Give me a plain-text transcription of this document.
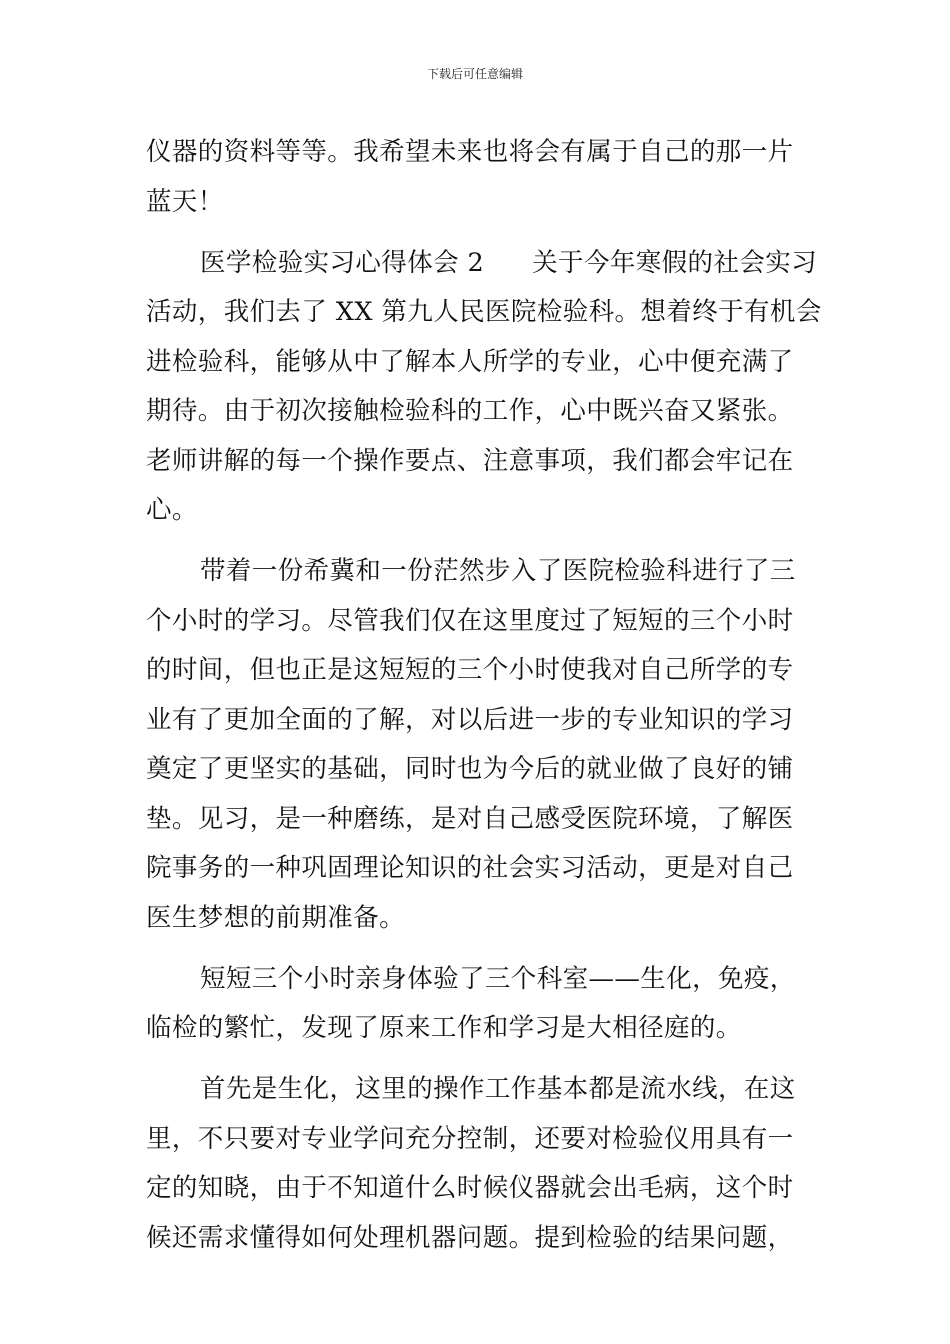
下载后可任意编辑
仪器的资料等等。我希望未来也将会有属于自己的那一片
蓝天！
医学检验实习心得体会 2 关于今年寒假的社会实习
活动，我们去了 XX 第九人民医院检验科。想着终于有机会
进检验科，能够从中了解本人所学的专业，心中便充满了
期待。由于初次接触检验科的工作，心中既兴奋又紧张。
老师讲解的每一个操作要点、注意事项，我们都会牢记在
心。
带着一份希冀和一份茫然步入了医院检验科进行了三
个小时的学习。尽管我们仅在这里度过了短短的三个小时
的时间，但也正是这短短的三个小时使我对自己所学的专
业有了更加全面的了解，对以后进一步的专业知识的学习
奠定了更坚实的基础，同时也为今后的就业做了良好的铺
垫。见习，是一种磨练，是对自己感受医院环境，了解医
院事务的一种巩固理论知识的社会实习活动，更是对自己
医生梦想的前期准备。
短短三个小时亲身体验了三个科室——生化，免疫，
临检的繁忙，发现了原来工作和学习是大相径庭的。
首先是生化，这里的操作工作基本都是流水线，在这
里，不只要对专业学问充分控制，还要对检验仪用具有一
定的知晓，由于不知道什么时候仪器就会出毛病，这个时
候还需求懂得如何处理机器问题。提到检验的结果问题，
